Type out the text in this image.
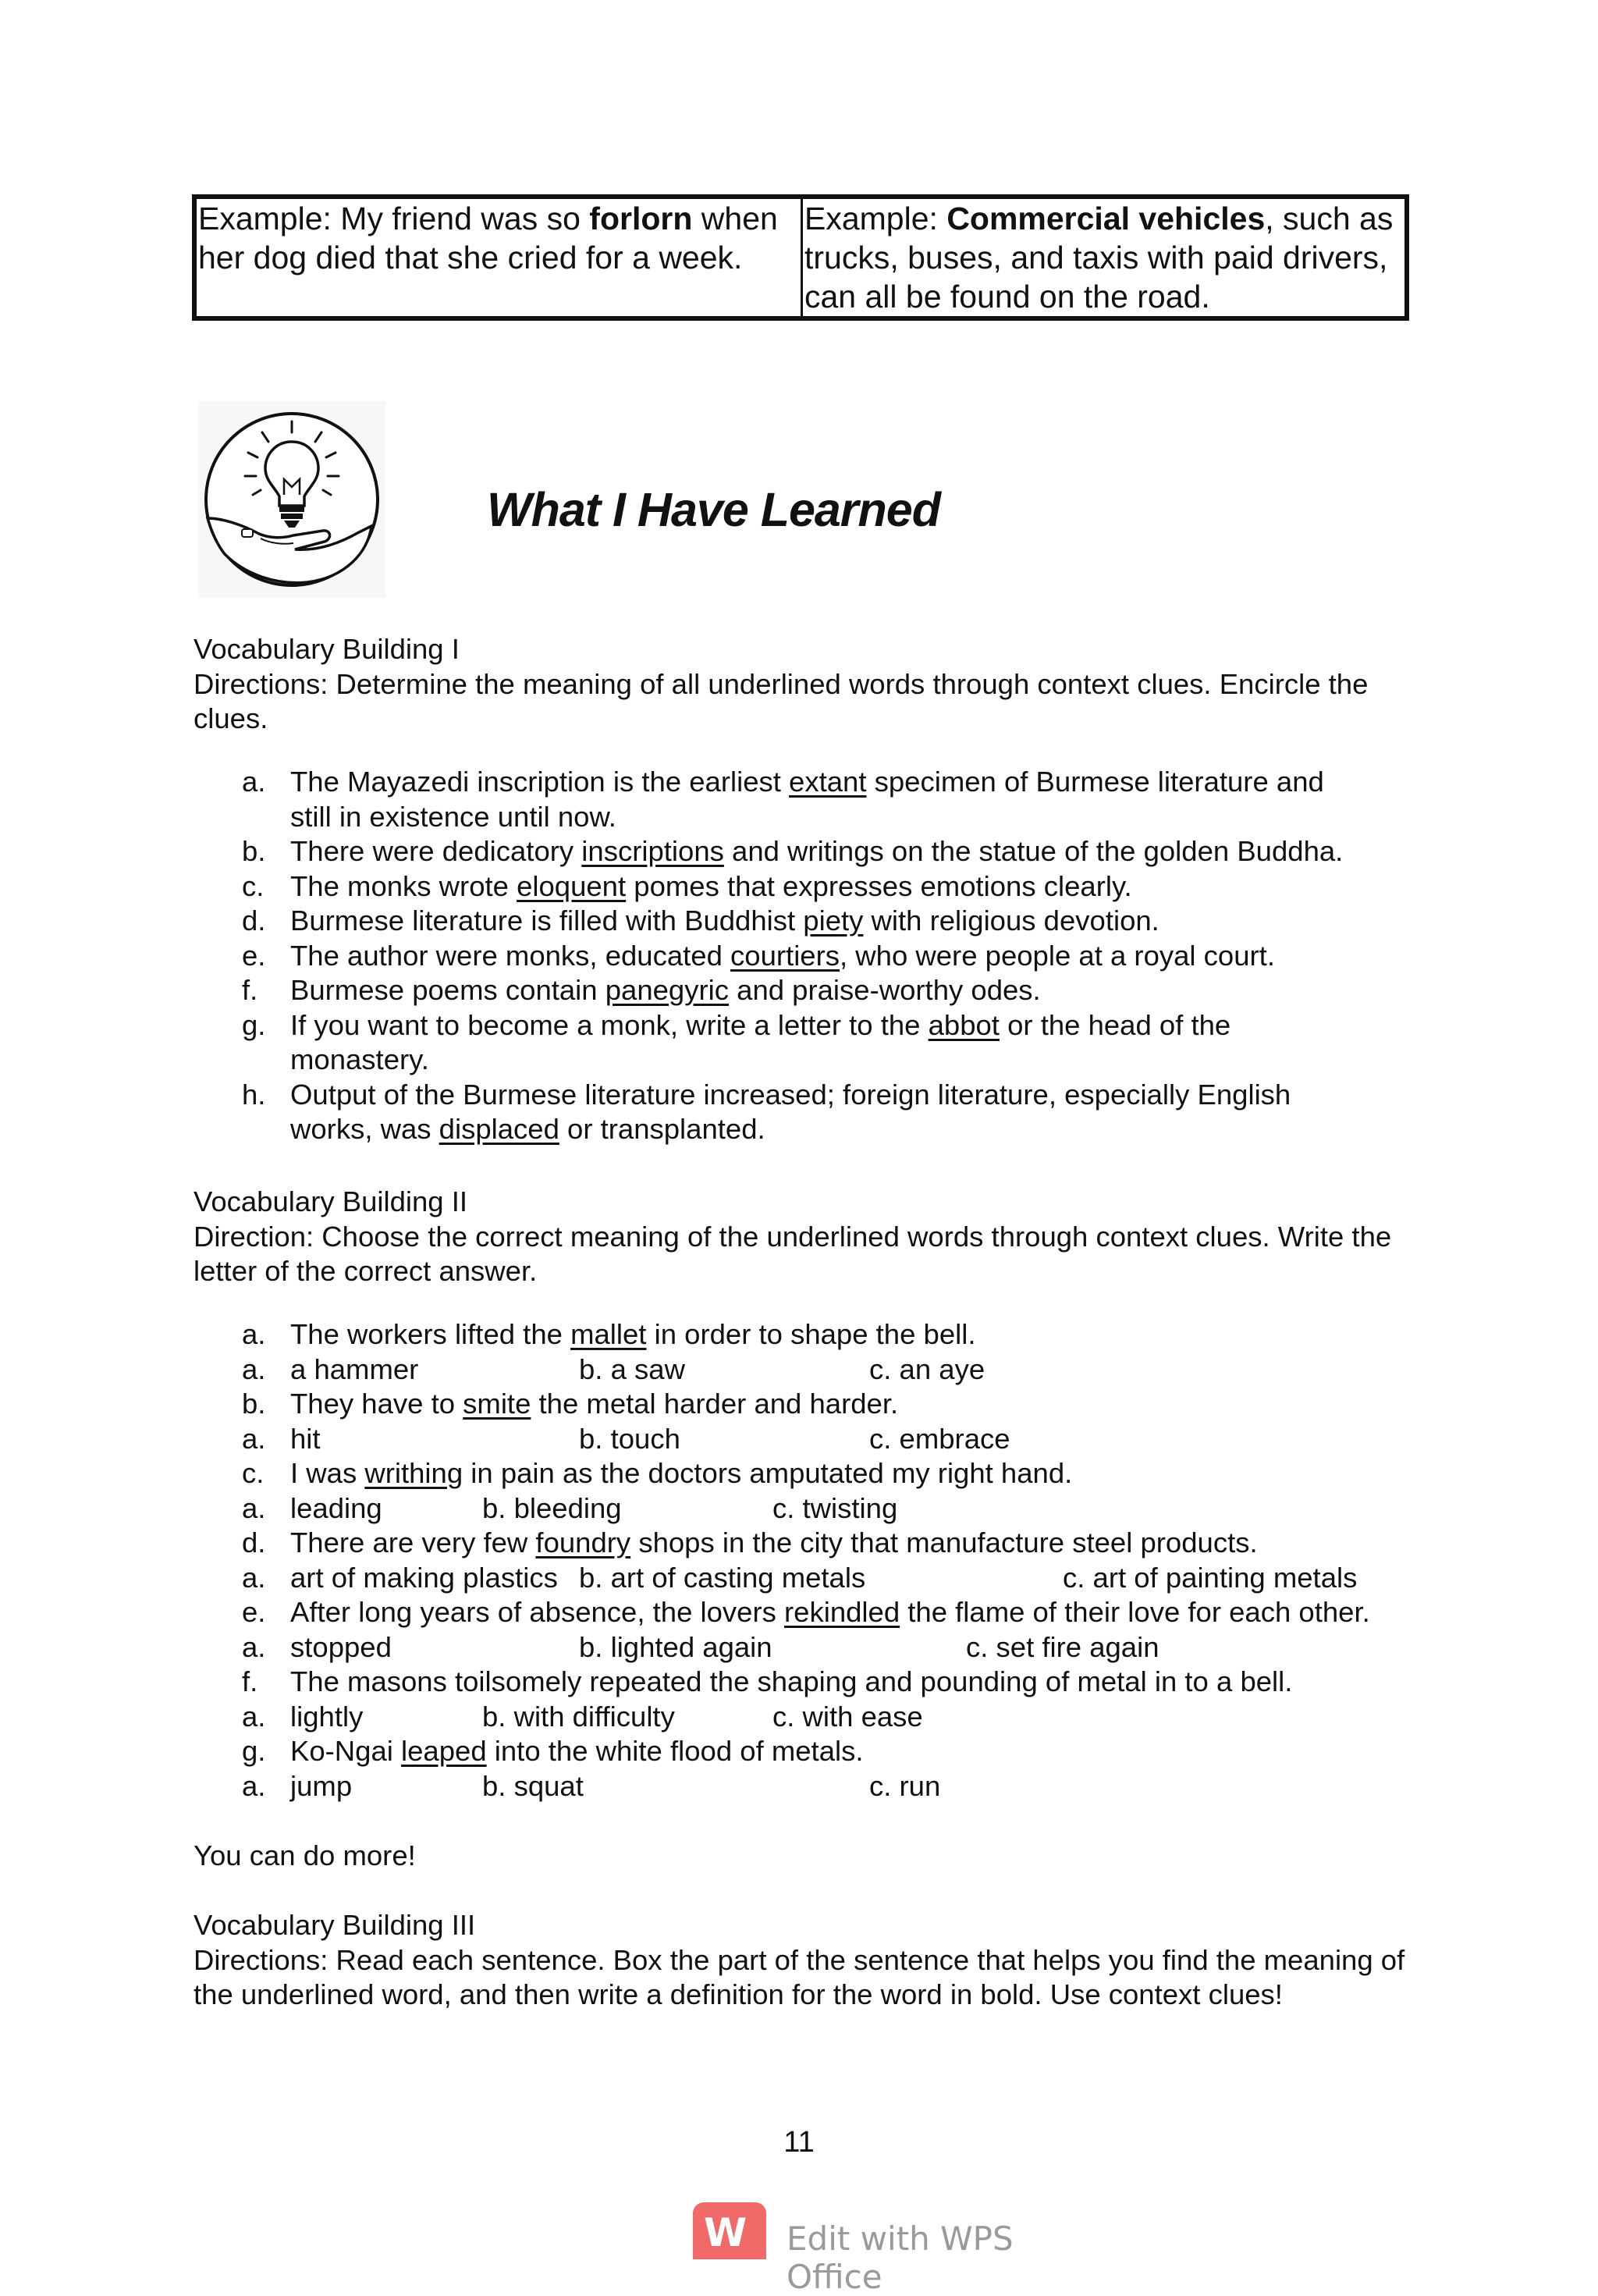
Example: My friend was so forlorn when her dog died that she cried for a week.	Example: Commercial vehicles, such as trucks, buses, and taxis with paid drivers, can all be found on the road.
What I Have Learned

Vocabulary Building I

Directions: Determine the meaning of all underlined words through context clues. Encircle the clues.

a. The Mayazedi inscription is the earliest extant specimen of Burmese literature and
still in existence until now.
b. There were dedicatory inscriptions and writings on the statue of the golden Buddha.
c. The monks wrote eloquent pomes that expresses emotions clearly.
d. Burmese literature is filled with Buddhist piety with religious devotion.
e. The author were monks, educated courtiers, who were people at a royal court.
f. Burmese poems contain panegyric and praise-worthy odes.
g. If you want to become a monk, write a letter to the abbot or the head of the
monastery.
h. Output of the Burmese literature increased; foreign literature, especially English
works, was displaced or transplanted.

Vocabulary Building II

Direction: Choose the correct meaning of the underlined words through context clues. Write the letter of the correct answer.

a. The workers lifted the mallet in order to shape the bell.
a. a hammer	b. a saw	c. an aye
b. They have to smite the metal harder and harder.
a. hit	b. touch	c. embrace
c. I was writhing in pain as the doctors amputated my right hand.
a. leading	b. bleeding	c. twisting
d. There are very few foundry shops in the city that manufacture steel products.
a. art of making plastics b. art of casting metals	c. art of painting metals
e. After long years of absence, the lovers rekindled the flame of their love for each other.
a. stopped	b. lighted again	c. set fire again
f. The masons toilsomely repeated the shaping and pounding of metal in to a bell.
a. lightly	b. with difficulty	c. with ease
g. Ko-Ngai leaped into the white flood of metals.
a. jump	b. squat	c. run
You can do more!

Vocabulary Building III

Directions: Read each sentence. Box the part of the sentence that helps you find the meaning of the underlined word, and then write a definition for the word in bold. Use context clues!

11
W Edit with WPS Office
